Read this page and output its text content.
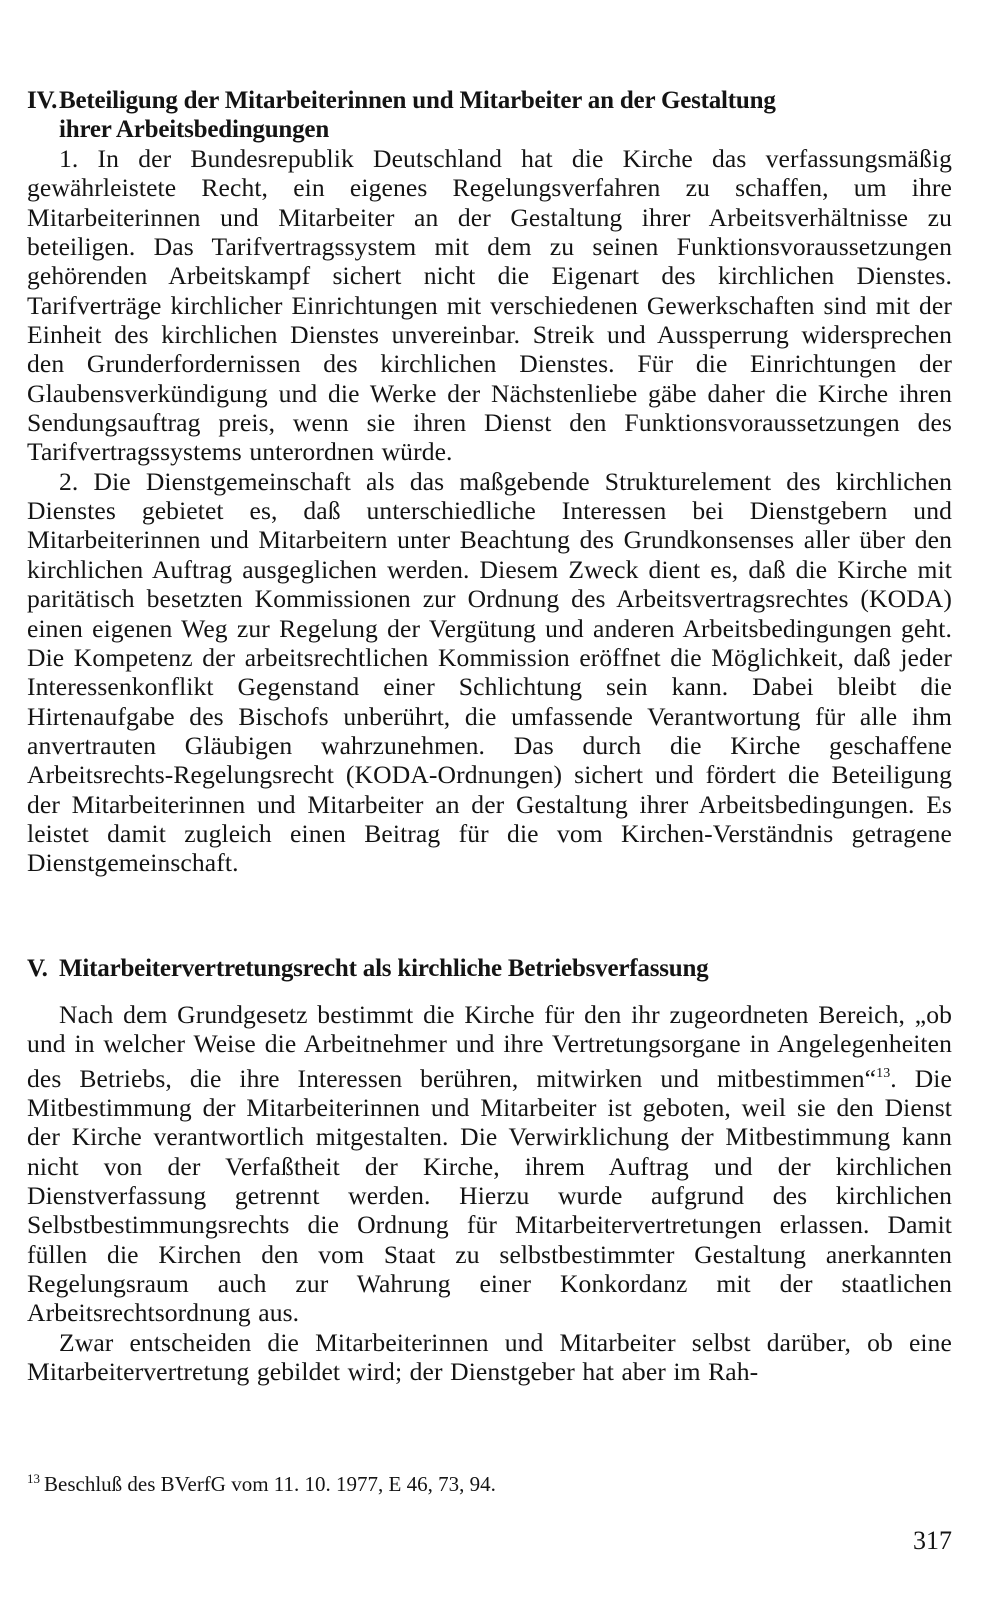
IV.Beteiligung der Mitarbeiterinnen und Mitarbeiter an der Gestaltung
ihrer Arbeitsbedingungen

1. In der Bundesrepublik Deutschland hat die Kirche das verfassungsmäßig gewährleistete Recht, ein eigenes Regelungsverfahren zu schaffen, um ihre Mitarbeiterinnen und Mitarbeiter an der Gestaltung ihrer Arbeitsverhältnisse zu beteiligen. Das Tarifvertragssystem mit dem zu seinen Funktionsvoraussetzungen gehörenden Arbeitskampf sichert nicht die Eigenart des kirchlichen Dienstes. Tarifverträge kirchlicher Einrichtungen mit verschiedenen Gewerkschaften sind mit der Einheit des kirchlichen Dienstes unvereinbar. Streik und Aussperrung widersprechen den Grunderfordernissen des kirchlichen Dienstes. Für die Einrichtungen der Glaubensverkündigung und die Werke der Nächstenliebe gäbe daher die Kirche ihren Sendungsauftrag preis, wenn sie ihren Dienst den Funktionsvoraussetzungen des Tarifvertragssystems unterordnen würde.

2. Die Dienstgemeinschaft als das maßgebende Strukturelement des kirchlichen Dienstes gebietet es, daß unterschiedliche Interessen bei Dienstgebern und Mitarbeiterinnen und Mitarbeitern unter Beachtung des Grundkonsenses aller über den kirchlichen Auftrag ausgeglichen werden. Diesem Zweck dient es, daß die Kirche mit paritätisch besetzten Kommissionen zur Ordnung des Arbeitsvertragsrechtes (KODA) einen eigenen Weg zur Regelung der Vergütung und anderen Arbeitsbedingungen geht. Die Kompetenz der arbeitsrechtlichen Kommission eröffnet die Möglichkeit, daß jeder Interessenkonflikt Gegenstand einer Schlichtung sein kann. Dabei bleibt die Hirtenaufgabe des Bischofs unberührt, die umfassende Verantwortung für alle ihm anvertrauten Gläubigen wahrzunehmen. Das durch die Kirche geschaffene Arbeitsrechts-Regelungsrecht (KODA-Ordnungen) sichert und fördert die Beteiligung der Mitarbeiterinnen und Mitarbeiter an der Gestaltung ihrer Arbeitsbedingungen. Es leistet damit zugleich einen Beitrag für die vom Kirchen-Verständnis getragene Dienstgemeinschaft.

V. Mitarbeitervertretungsrecht als kirchliche Betriebsverfassung

Nach dem Grundgesetz bestimmt die Kirche für den ihr zugeordneten Bereich, „ob und in welcher Weise die Arbeitnehmer und ihre Vertretungsorgane in Angelegenheiten des Betriebs, die ihre Interessen berühren, mitwirken und mitbestimmen“$^{13}$. Die Mitbestimmung der Mitarbeiterinnen und Mitarbeiter ist geboten, weil sie den Dienst der Kirche verantwortlich mitgestalten. Die Verwirklichung der Mitbestimmung kann nicht von der Verfaßtheit der Kirche, ihrem Auftrag und der kirchlichen Dienstverfassung getrennt werden. Hierzu wurde aufgrund des kirchlichen Selbstbestimmungsrechts die Ordnung für Mitarbeitervertretungen erlassen. Damit füllen die Kirchen den vom Staat zu selbstbestimmter Gestaltung anerkannten Regelungsraum auch zur Wahrung einer Konkordanz mit der staatlichen Arbeitsrechtsordnung aus.

Zwar entscheiden die Mitarbeiterinnen und Mitarbeiter selbst darüber, ob eine Mitarbeitervertretung gebildet wird; der Dienstgeber hat aber im Rah-

$^{13}$ Beschluß des BVerfG vom 11. 10. 1977, E 46, 73, 94.
317
